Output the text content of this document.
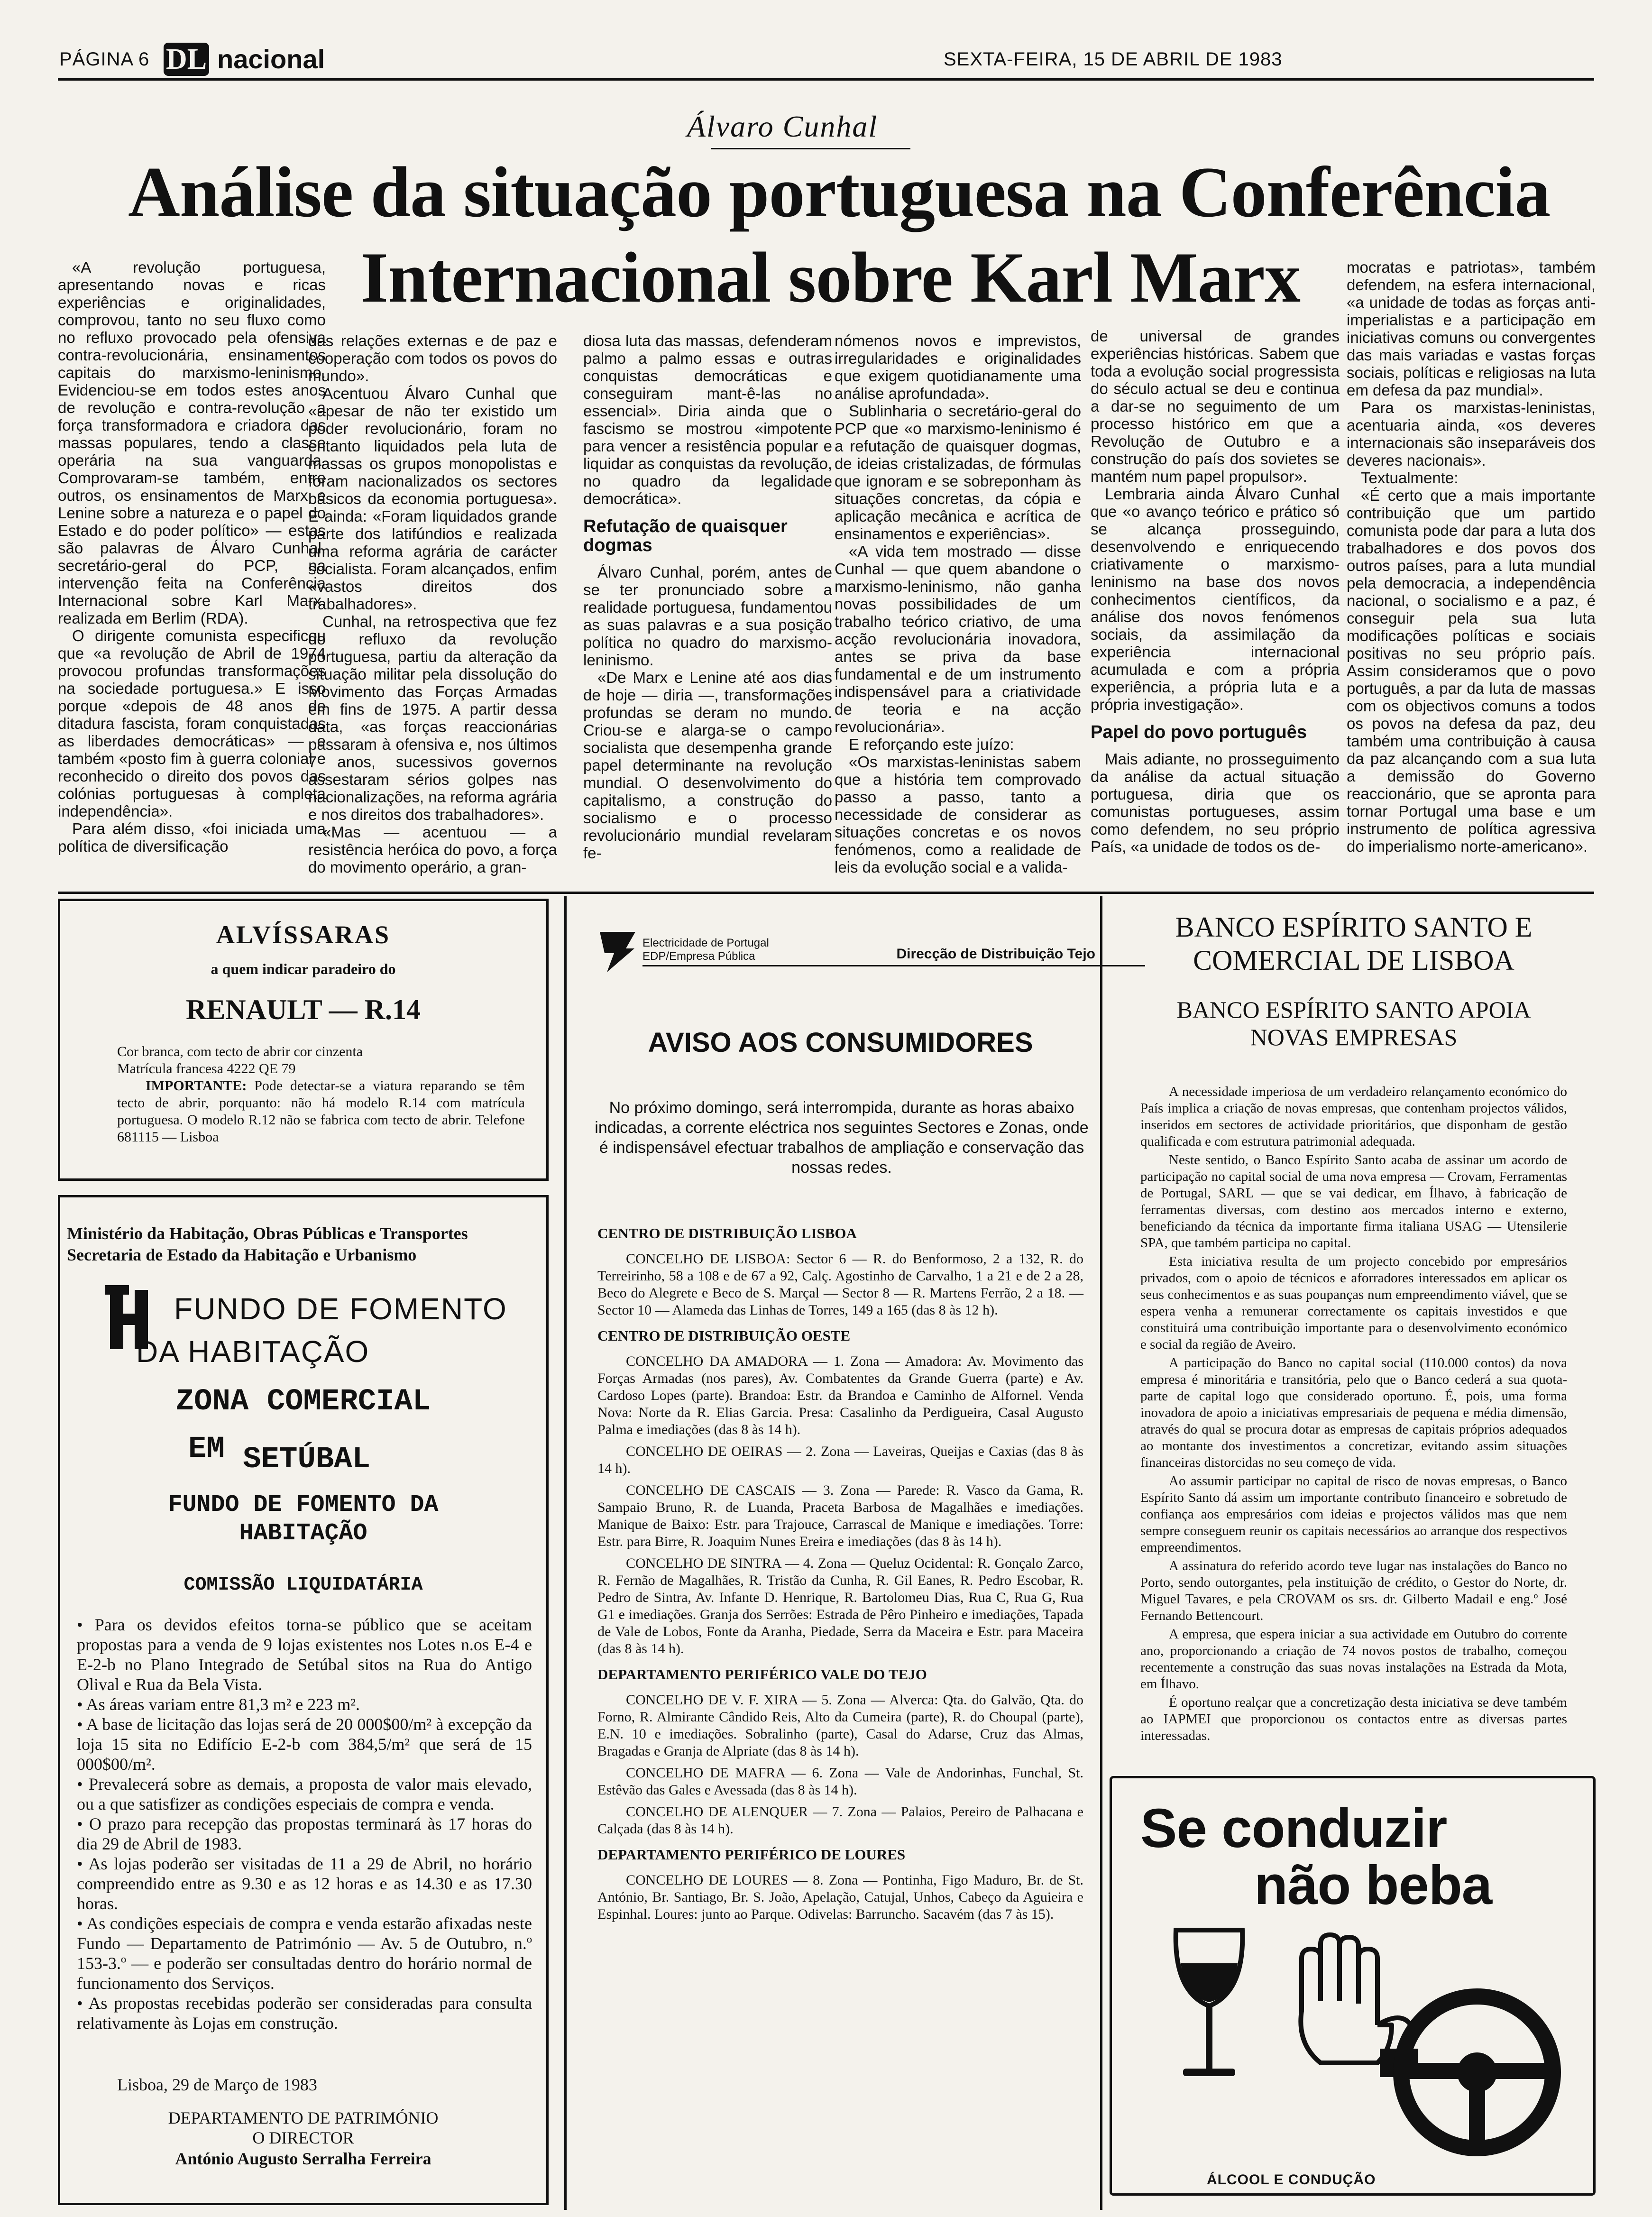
PÁGINA 6 DL nacional	SEXTA-FEIRA, 15 DE ABRIL DE 1983
Álvaro Cunhal
Análise da situação portuguesa na Conferência
Internacional sobre Karl Marx

«A revolução portuguesa, apresentando novas e ricas experiências e originalidades, comprovou, tanto no seu fluxo como no refluxo provocado pela ofensiva contra-revolucionária, ensinamentos capitais do marxismo-leninismo. Evidenciou-se em todos estes anos de revolução e contra-revolução a força transformadora e criadora das massas populares, tendo a classe operária na sua vanguarda. Comprovaram-se também, entre outros, os ensinamentos de Marx e Lenine sobre a natureza e o papel do Estado e do poder político» — estas são palavras de Álvaro Cunhal, secretário-geral do PCP, na intervenção feita na Conferência Internacional sobre Karl Marx, realizada em Berlim (RDA).

O dirigente comunista especificou que «a revolução de Abril de 1974 provocou profundas transformações na sociedade portuguesa.» E isso porque «depois de 48 anos de ditadura fascista, foram conquistadas as liberdades democráticas» — e também «posto fim à guerra colonial e reconhecido o direito dos povos das colónias portuguesas à completa independência».

Para além disso, «foi iniciada uma política de diversificação

das relações externas e de paz e cooperação com todos os povos do mundo».

Acentuou Álvaro Cunhal que «apesar de não ter existido um poder revolucionário, foram no entanto liquidados pela luta de massas os grupos monopolistas e foram nacionalizados os sectores básicos da economia portuguesa». E ainda: «Foram liquidados grande parte dos latifúndios e realizada uma reforma agrária de carácter socialista. Foram alcançados, enfim «vastos direitos dos trabalhadores».

Cunhal, na retrospectiva que fez do refluxo da revolução portuguesa, partiu da alteração da situação militar pela dissolução do Movimento das Forças Armadas em fins de 1975. A partir dessa data, «as forças reaccionárias passaram à ofensiva e, nos últimos 7 anos, sucessivos governos assestaram sérios golpes nas nacionalizações, na reforma agrária e nos direitos dos trabalhadores».

«Mas — acentuou — a resistência heróica do povo, a força do movimento operário, a gran-

diosa luta das massas, defenderam palmo a palmo essas e outras conquistas democráticas e conseguiram mant-ê-las no essencial». Diria ainda que o fascismo se mostrou «impotente para vencer a resistência popular e liquidar as conquistas da revolução, no quadro da legalidade democrática».

Refutação de quaisquer dogmas

Álvaro Cunhal, porém, antes de se ter pronunciado sobre a realidade portuguesa, fundamentou as suas palavras e a sua posição política no quadro do marxismo-leninismo.

«De Marx e Lenine até aos dias de hoje — diria —, transformações profundas se deram no mundo. Criou-se e alarga-se o campo socialista que desempenha grande papel determinante na revolução mundial. O desenvolvimento do capitalismo, a construção do socialismo e o processo revolucionário mundial revelaram fe-

nómenos novos e imprevistos, irregularidades e originalidades que exigem quotidianamente uma análise aprofundada».

Sublinharia o secretário-geral do PCP que «o marxismo-leninismo é a refutação de quaisquer dogmas, de ideias cristalizadas, de fórmulas que ignoram e se sobreponham às situações concretas, da cópia e aplicação mecânica e acrítica de ensinamentos e experiências».

«A vida tem mostrado — disse Cunhal — que quem abandone o marxismo-leninismo, não ganha novas possibilidades de um trabalho teórico criativo, de uma acção revolucionária inovadora, antes se priva da base fundamental e de um instrumento indispensável para a criatividade de teoria e na acção revolucionária».

E reforçando este juízo:

«Os marxistas-leninistas sabem que a história tem comprovado passo a passo, tanto a necessidade de considerar as situações concretas e os novos fenómenos, como a realidade de leis da evolução social e a valida-

de universal de grandes experiências históricas. Sabem que toda a evolução social progressista do século actual se deu e continua a dar-se no seguimento de um processo histórico em que a Revolução de Outubro e a construção do país dos sovietes se mantém num papel propulsor».

Lembraria ainda Álvaro Cunhal que «o avanço teórico e prático só se alcança prosseguindo, desenvolvendo e enriquecendo criativamente o marxismo-leninismo na base dos novos conhecimentos científicos, da análise dos novos fenómenos sociais, da assimilação da experiência internacional acumulada e com a própria experiência, a própria luta e a própria investigação».

Papel do povo português

Mais adiante, no prosseguimento da análise da actual situação portuguesa, diria que os comunistas portugueses, assim como defendem, no seu próprio País, «a unidade de todos os de-

mocratas e patriotas», também defendem, na esfera internacional, «a unidade de todas as forças anti-imperialistas e a participação em iniciativas comuns ou convergentes das mais variadas e vastas forças sociais, políticas e religiosas na luta em defesa da paz mundial».

Para os marxistas-leninistas, acentuaria ainda, «os deveres internacionais são inseparáveis dos deveres nacionais».

Textualmente:

«É certo que a mais importante contribuição que um partido comunista pode dar para a luta dos trabalhadores e dos povos dos outros países, para a luta mundial pela democracia, a independência nacional, o socialismo e a paz, é conseguir pela sua luta modificações políticas e sociais positivas no seu próprio país. Assim consideramos que o povo português, a par da luta de massas com os objectivos comuns a todos os povos na defesa da paz, deu também uma contribuição à causa da paz alcançando com a sua luta a demissão do Governo reaccionário, que se apronta para tornar Portugal uma base e um instrumento de política agressiva do imperialismo norte-americano».

ALVÍSSARAS
a quem indicar paradeiro do
RENAULT — R.14
Cor branca, com tecto de abrir cor cinzenta
Matrícula francesa 4222 QE 79
IMPORTANTE: Pode detectar-se a viatura reparando se têm tecto de abrir, porquanto: não há modelo R.14 com matrícula portuguesa. O modelo R.12 não se fabrica com tecto de abrir. Telefone 681115 — Lisboa
Ministério da Habitação, Obras Públicas e Transportes
Secretaria de Estado da Habitação e Urbanismo
FUNDO DE FOMENTO
DA HABITAÇÃO
ZONA COMERCIAL
EM SETÚBAL
FUNDO DE FOMENTO DA
HABITAÇÃO
COMISSÃO LIQUIDATÁRIA

• Para os devidos efeitos torna-se público que se aceitam propostas para a venda de 9 lojas existentes nos Lotes n.os E-4 e E-2-b no Plano Integrado de Setúbal sitos na Rua do Antigo Olival e Rua da Bela Vista.

• As áreas variam entre 81,3 m² e 223 m².

• A base de licitação das lojas será de 20 000$00/m² à excepção da loja 15 sita no Edifício E-2-b com 384,5/m² que será de 15 000$00/m².

• Prevalecerá sobre as demais, a proposta de valor mais elevado, ou a que satisfizer as condições especiais de compra e venda.

• O prazo para recepção das propostas terminará às 17 horas do dia 29 de Abril de 1983.

• As lojas poderão ser visitadas de 11 a 29 de Abril, no horário compreendido entre as 9.30 e as 12 horas e as 14.30 e as 17.30 horas.

• As condições especiais de compra e venda estarão afixadas neste Fundo — Departamento de Património — Av. 5 de Outubro, n.º 153-3.º — e poderão ser consultadas dentro do horário normal de funcionamento dos Serviços.

• As propostas recebidas poderão ser consideradas para consulta relativamente às Lojas em construção.

Lisboa, 29 de Março de 1983
DEPARTAMENTO DE PATRIMÓNIO
O DIRECTOR
António Augusto Serralha Ferreira
Electricidade de Portugal
EDP/Empresa Pública	Direcção de Distribuição Tejo
AVISO AOS CONSUMIDORES
No próximo domingo, será interrompida, durante as horas abaixo indicadas, a corrente eléctrica nos seguintes Sectores e Zonas, onde é indispensável efectuar trabalhos de ampliação e conservação das nossas redes.
CENTRO DE DISTRIBUIÇÃO LISBOA

CONCELHO DE LISBOA: Sector 6 — R. do Benformoso, 2 a 132, R. do Terreirinho, 58 a 108 e de 67 a 92, Calç. Agostinho de Carvalho, 1 a 21 e de 2 a 28, Beco do Alegrete e Beco de S. Marçal — Sector 8 — R. Martens Ferrão, 2 a 18. — Sector 10 — Alameda das Linhas de Torres, 149 a 165 (das 8 às 12 h).

CENTRO DE DISTRIBUIÇÃO OESTE

CONCELHO DA AMADORA — 1. Zona — Amadora: Av. Movimento das Forças Armadas (nos pares), Av. Combatentes da Grande Guerra (parte) e Av. Cardoso Lopes (parte). Brandoa: Estr. da Brandoa e Caminho de Alfornel. Venda Nova: Norte da R. Elias Garcia. Presa: Casalinho da Perdigueira, Casal Augusto Palma e imediações (das 8 às 14 h).

CONCELHO DE OEIRAS — 2. Zona — Laveiras, Queijas e Caxias (das 8 às 14 h).

CONCELHO DE CASCAIS — 3. Zona — Parede: R. Vasco da Gama, R. Sampaio Bruno, R. de Luanda, Praceta Barbosa de Magalhães e imediações. Manique de Baixo: Estr. para Trajouce, Carrascal de Manique e imediações. Torre: Estr. para Birre, R. Joaquim Nunes Ereira e imediações (das 8 às 14 h).

CONCELHO DE SINTRA — 4. Zona — Queluz Ocidental: R. Gonçalo Zarco, R. Fernão de Magalhães, R. Tristão da Cunha, R. Gil Eanes, R. Pedro Escobar, R. Pedro de Sintra, Av. Infante D. Henrique, R. Bartolomeu Dias, Rua C, Rua G, Rua G1 e imediações. Granja dos Serrões: Estrada de Pêro Pinheiro e imediações, Tapada de Vale de Lobos, Fonte da Aranha, Piedade, Serra da Maceira e Estr. para Maceira (das 8 às 14 h).

DEPARTAMENTO PERIFÉRICO VALE DO TEJO

CONCELHO DE V. F. XIRA — 5. Zona — Alverca: Qta. do Galvão, Qta. do Forno, R. Almirante Cândido Reis, Alto da Cumeira (parte), R. do Choupal (parte), E.N. 10 e imediações. Sobralinho (parte), Casal do Adarse, Cruz das Almas, Bragadas e Granja de Alpriate (das 8 às 14 h).

CONCELHO DE MAFRA — 6. Zona — Vale de Andorinhas, Funchal, St. Estêvão das Gales e Avessada (das 8 às 14 h).

CONCELHO DE ALENQUER — 7. Zona — Palaios, Pereiro de Palhacana e Calçada (das 8 às 14 h).

DEPARTAMENTO PERIFÉRICO DE LOURES

CONCELHO DE LOURES — 8. Zona — Pontinha, Figo Maduro, Br. de St. António, Br. Santiago, Br. S. João, Apelação, Catujal, Unhos, Cabeço da Aguieira e Espinhal. Loures: junto ao Parque. Odivelas: Barruncho. Sacavém (das 7 às 15).

BANCO ESPÍRITO SANTO E
COMERCIAL DE LISBOA
BANCO ESPÍRITO SANTO APOIA
NOVAS EMPRESAS

A necessidade imperiosa de um verdadeiro relançamento económico do País implica a criação de novas empresas, que contenham projectos válidos, inseridos em sectores de actividade prioritários, que disponham de gestão qualificada e com estrutura patrimonial adequada.

Neste sentido, o Banco Espírito Santo acaba de assinar um acordo de participação no capital social de uma nova empresa — Crovam, Ferramentas de Portugal, SARL — que se vai dedicar, em Ílhavo, à fabricação de ferramentas diversas, com destino aos mercados interno e externo, beneficiando da técnica da importante firma italiana USAG — Utensilerie SPA, que também participa no capital.

Esta iniciativa resulta de um projecto concebido por empresários privados, com o apoio de técnicos e aforradores interessados em aplicar os seus conhecimentos e as suas poupanças num empreendimento viável, que se espera venha a remunerar correctamente os capitais investidos e que constituirá uma contribuição importante para o desenvolvimento económico e social da região de Aveiro.

A participação do Banco no capital social (110.000 contos) da nova empresa é minoritária e transitória, pelo que o Banco cederá a sua quota-parte de capital logo que considerado oportuno. É, pois, uma forma inovadora de apoio a iniciativas empresariais de pequena e média dimensão, através do qual se procura dotar as empresas de capitais próprios adequados ao montante dos investimentos a concretizar, evitando assim situações financeiras distorcidas no seu começo de vida.

Ao assumir participar no capital de risco de novas empresas, o Banco Espírito Santo dá assim um importante contributo financeiro e sobretudo de confiança aos empresários com ideias e projectos válidos mas que nem sempre conseguem reunir os capitais necessários ao arranque dos respectivos empreendimentos.

A assinatura do referido acordo teve lugar nas instalações do Banco no Porto, sendo outorgantes, pela instituição de crédito, o Gestor do Norte, dr. Miguel Tavares, e pela CROVAM os srs. dr. Gilberto Madail e eng.º José Fernando Bettencourt.

A empresa, que espera iniciar a sua actividade em Outubro do corrente ano, proporcionando a criação de 74 novos postos de trabalho, começou recentemente a construção das suas novas instalações na Estrada da Mota, em Ílhavo.

É oportuno realçar que a concretização desta iniciativa se deve também ao IAPMEI que proporcionou os contactos entre as diversas partes interessadas.

Se conduzir
não beba
ÁLCOOL E CONDUÇÃO
